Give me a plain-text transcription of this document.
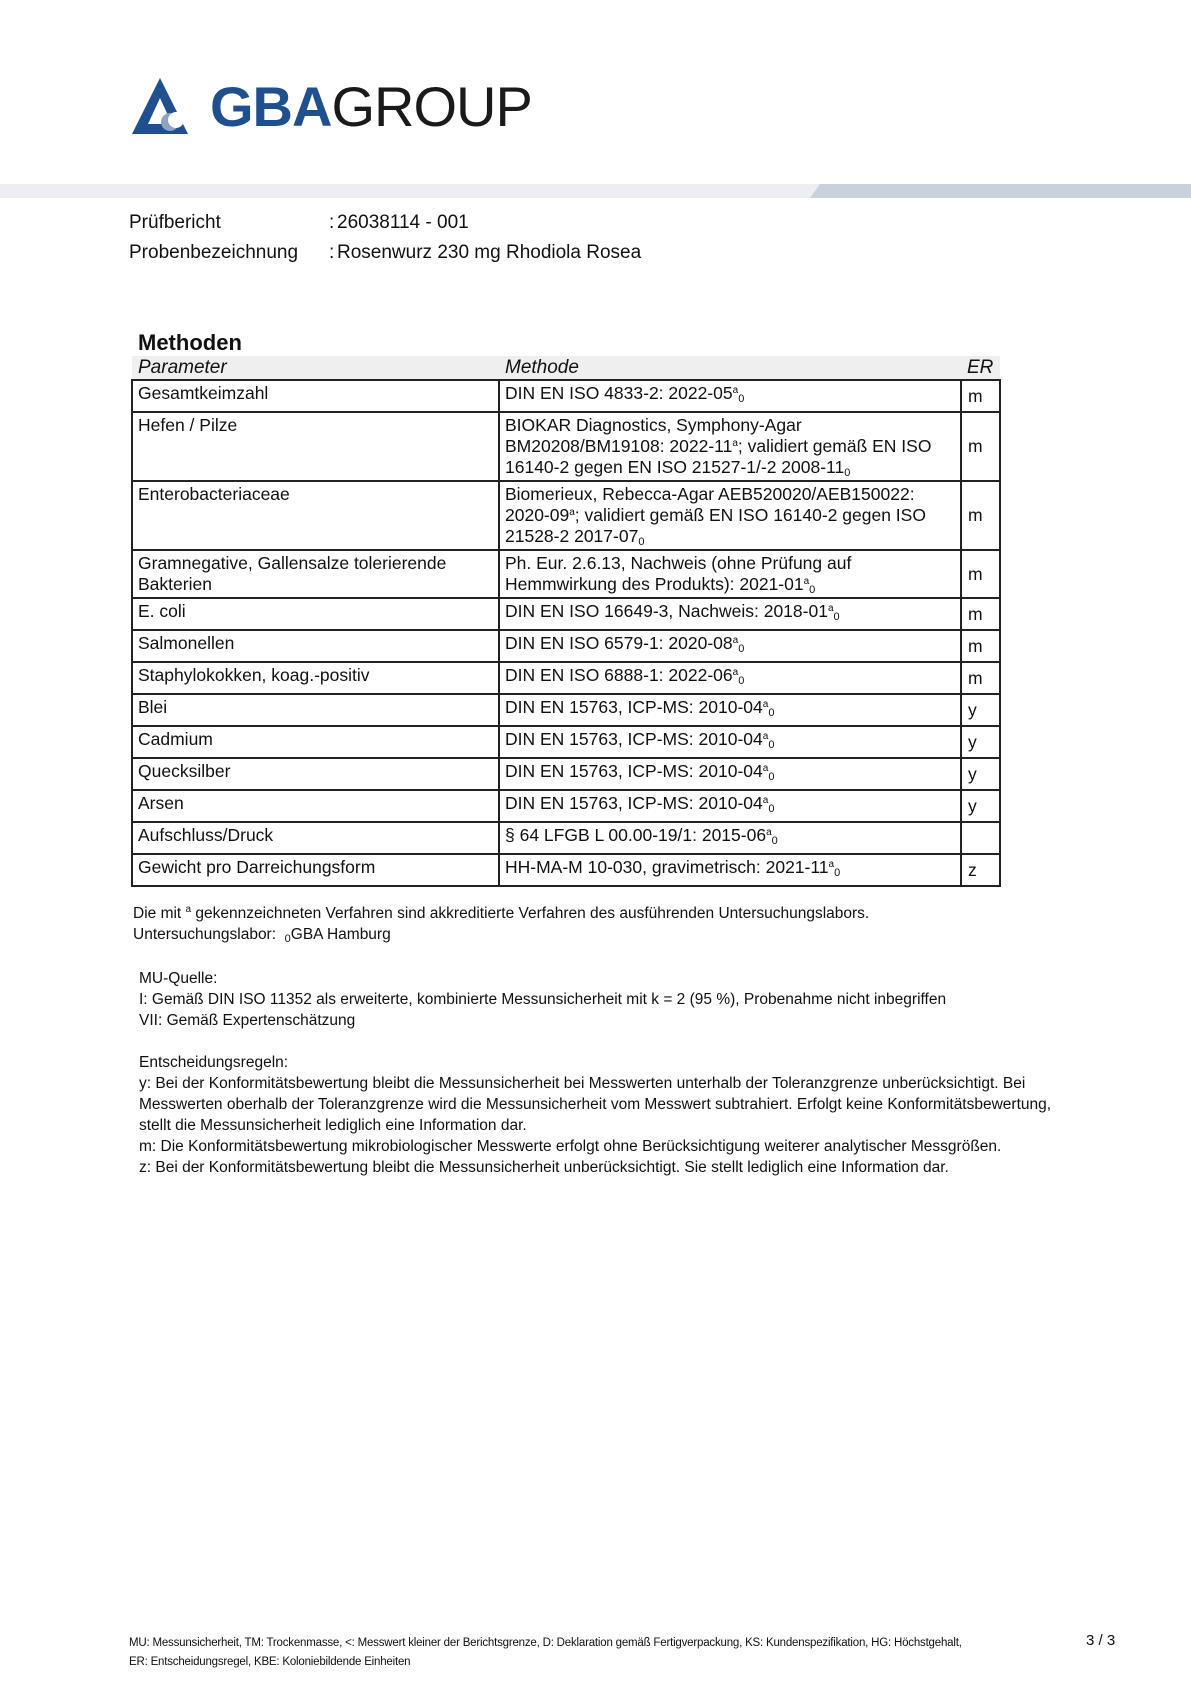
GBAGROUP
Prüfbericht	: 26038114 - 001
Probenbezeichnung	: Rosenwurz 230 mg Rhodiola Rosea
Methoden
Parameter	Methode	ER
Gesamtkeimzahl	DIN EN ISO 4833-2: $2022-05^a_0$	m
Hefen / Pilze	BIOKAR Diagnostics, Symphony-Agar BM20208/BM19108: 2022-11$^a$; validiert gemäß EN ISO 16140-2 gegen EN ISO 21527-1/-2 $2008-11_0$	m
Enterobacteriaceae	Biomerieux, Rebecca-Agar AEB520020/AEB150022: 2020-09$^a$; validiert gemäß EN ISO 16140-2 gegen ISO 21528-2 $2017-07_0$	m
Gramnegative, Gallensalze tolerierende Bakterien	Ph. Eur. 2.6.13, Nachweis (ohne Prüfung auf Hemmwirkung des Produkts): $2021-01^a_0$	m
E. coli	DIN EN ISO 16649-3, Nachweis: $2018-01^a_0$	m
Salmonellen	DIN EN ISO 6579-1: $2020-08^a_0$	m
Staphylokokken, koag.-positiv	DIN EN ISO 6888-1: $2022-06^a_0$	m
Blei	DIN EN 15763, ICP-MS: $2010-04^a_0$	y
Cadmium	DIN EN 15763, ICP-MS: $2010-04^a_0$	y
Quecksilber	DIN EN 15763, ICP-MS: $2010-04^a_0$	y
Arsen	DIN EN 15763, ICP-MS: $2010-04^a_0$	y
Aufschluss/Druck	§ 64 LFGB L 00.00-19/1: $2015-06^a_0$	
Gewicht pro Darreichungsform	HH-MA-M 10-030, gravimetrisch: $2021-11^a_0$	z

Die mit $^a$ gekennzeichneten Verfahren sind akkreditierte Verfahren des ausführenden Untersuchungslabors.

Untersuchungslabor: $_0$GBA Hamburg

MU-Quelle:

I: Gemäß DIN ISO 11352 als erweiterte, kombinierte Messunsicherheit mit k = 2 (95 %), Probenahme nicht inbegriffen

VII: Gemäß Expertenschätzung

Entscheidungsregeln:

y: Bei der Konformitätsbewertung bleibt die Messunsicherheit bei Messwerten unterhalb der Toleranzgrenze unberücksichtigt. Bei Messwerten oberhalb der Toleranzgrenze wird die Messunsicherheit vom Messwert subtrahiert. Erfolgt keine Konformitätsbewertung, stellt die Messunsicherheit lediglich eine Information dar.

m: Die Konformitätsbewertung mikrobiologischer Messwerte erfolgt ohne Berücksichtigung weiterer analytischer Messgrößen.

z: Bei der Konformitätsbewertung bleibt die Messunsicherheit unberücksichtigt. Sie stellt lediglich eine Information dar.

MU: Messunsicherheit, TM: Trockenmasse, <: Messwert kleiner der Berichtsgrenze, D: Deklaration gemäß Fertigverpackung, KS: Kundenspezifikation, HG: Höchstgehalt,

ER: Entscheidungsregel, KBE: Koloniebildende Einheiten

3 / 3
